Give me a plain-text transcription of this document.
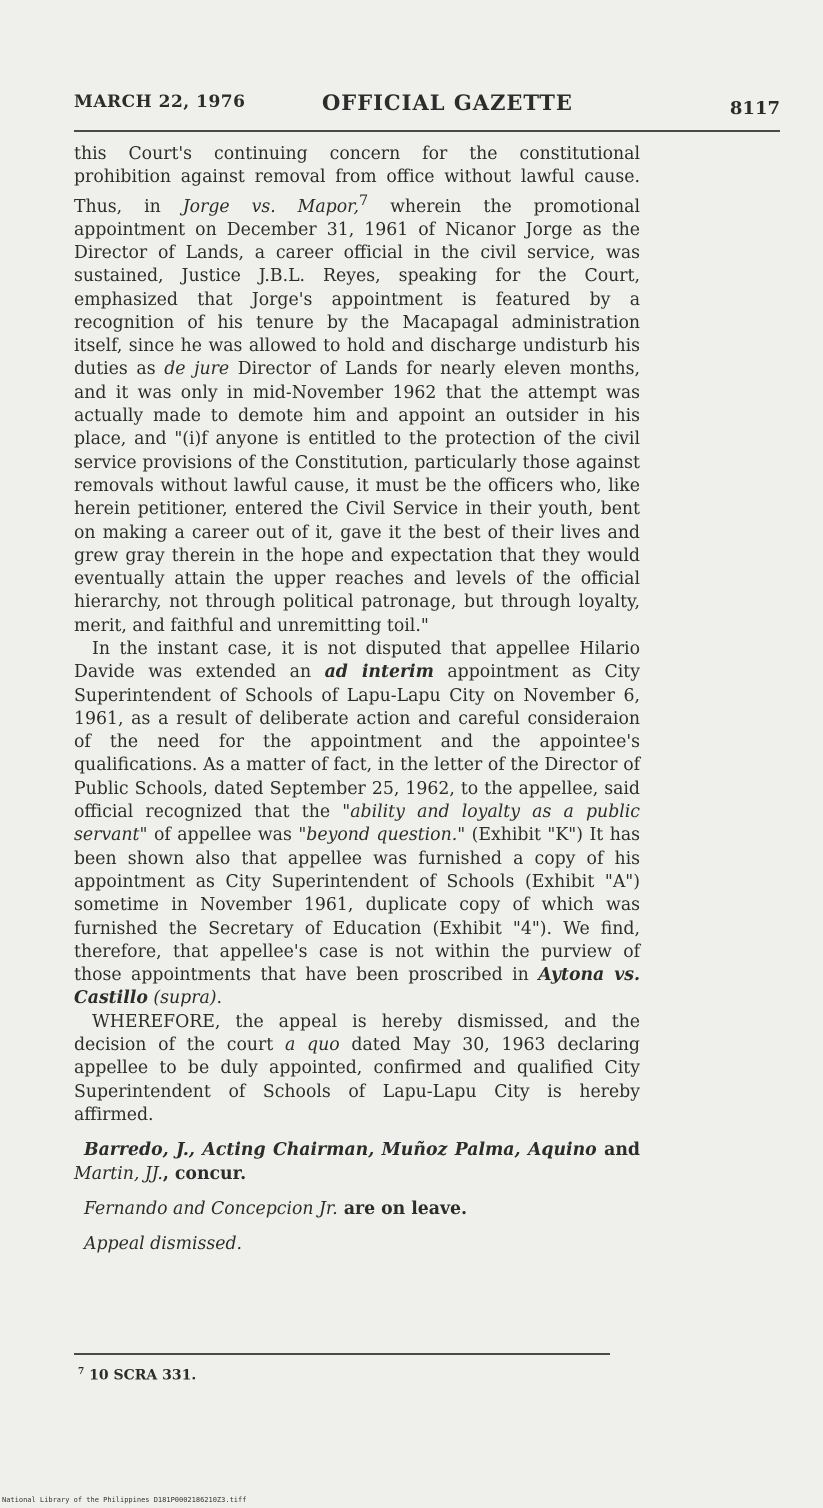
MARCH 22, 1976	OFFICIAL GAZETTE	8117

this Court's continuing concern for the constitutional prohibition against removal from office without lawful cause. Thus, in Jorge vs. Mapor,$^7$ wherein the promotional appointment on December 31, 1961 of Nicanor Jorge as the Director of Lands, a career official in the civil service, was sustained, Justice J.B.L. Reyes, speaking for the Court, emphasized that Jorge's appointment is featured by a recognition of his tenure by the Macapagal administration itself, since he was allowed to hold and discharge undisturb his duties as de jure Director of Lands for nearly eleven months, and it was only in mid-November 1962 that the attempt was actually made to demote him and appoint an outsider in his place, and "(i)f anyone is entitled to the protection of the civil service provisions of the Constitution, particularly those against removals without lawful cause, it must be the officers who, like herein petitioner, entered the Civil Service in their youth, bent on making a career out of it, gave it the best of their lives and grew gray therein in the hope and expectation that they would eventually attain the upper reaches and levels of the official hierarchy, not through political patronage, but through loyalty, merit, and faithful and unremitting toil."

In the instant case, it is not disputed that appellee Hilario Davide was extended an ad interim appointment as City Superintendent of Schools of Lapu-Lapu City on November 6, 1961, as a result of deliberate action and careful consideraion of the need for the appointment and the appointee's qualifications. As a matter of fact, in the letter of the Director of Public Schools, dated September 25, 1962, to the appellee, said official recognized that the "ability and loyalty as a public servant" of appellee was "beyond question." (Exhibit "K") It has been shown also that appellee was furnished a copy of his appointment as City Superintendent of Schools (Exhibit "A") sometime in November 1961, duplicate copy of which was furnished the Secretary of Education (Exhibit "4"). We find, therefore, that appellee's case is not within the purview of those appointments that have been proscribed in Aytona vs. Castillo (supra).

WHEREFORE, the appeal is hereby dismissed, and the decision of the court a quo dated May 30, 1963 declaring appellee to be duly appointed, confirmed and qualified City Superintendent of Schools of Lapu-Lapu City is hereby affirmed.

Barredo, J., Acting Chairman, Muñoz Palma, Aquino and Martin, JJ., concur.

Fernando and Concepcion Jr. are on leave.

Appeal dismissed.

$^7$ 10 SCRA 331.
National Library of the Philippines D181P0002186210Z3.tiff
